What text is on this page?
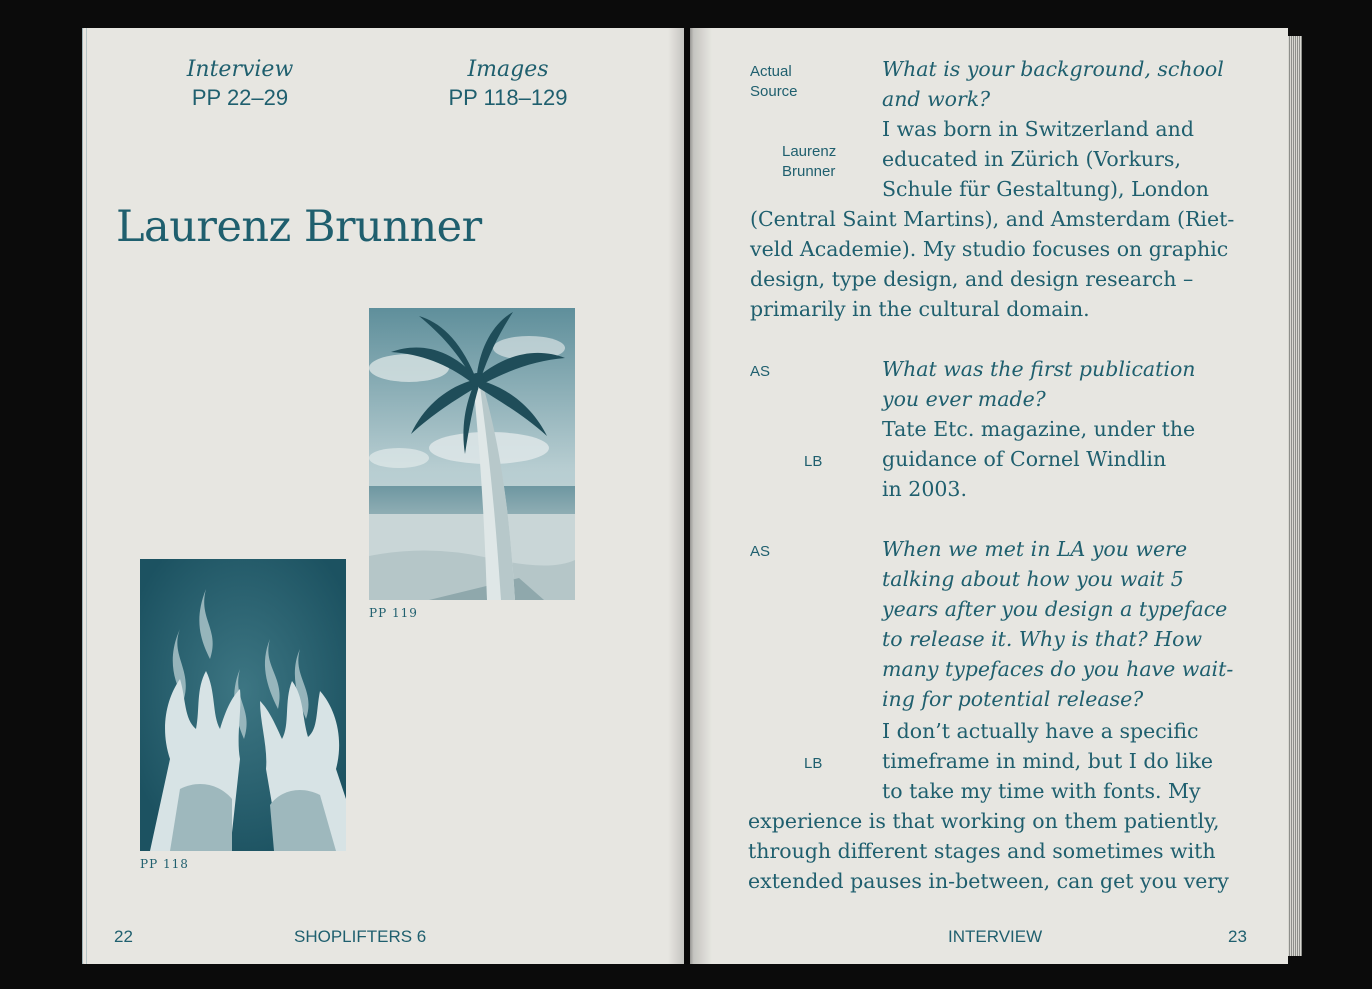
Interview
PP 22–29
Images
PP 118–129
Laurenz Brunner
PP 119
PP 118
22	SHOPLIFTERS 6
Actual
Source
Laurenz
Brunner
AS
LB
AS
LB
What is your background, school
and work?
I was born in Switzerland and
educated in Zürich (Vorkurs,
Schule für Gestaltung), London
(Central Saint Martins), and Amsterdam (Riet-
veld Academie). My studio focuses on graphic
design, type design, and design research –
primarily in the cultural domain.
What was the first publication
you ever made?
Tate Etc. magazine, under the
guidance of Cornel Windlin
in 2003.
When we met in LA you were
talking about how you wait 5
years after you design a typeface
to release it. Why is that? How
many typefaces do you have wait-
ing for potential release?
I don’t actually have a specific
timeframe in mind, but I do like
to take my time with fonts. My
experience is that working on them patiently,
through different stages and sometimes with
extended pauses in-between, can get you very
INTERVIEW	23
